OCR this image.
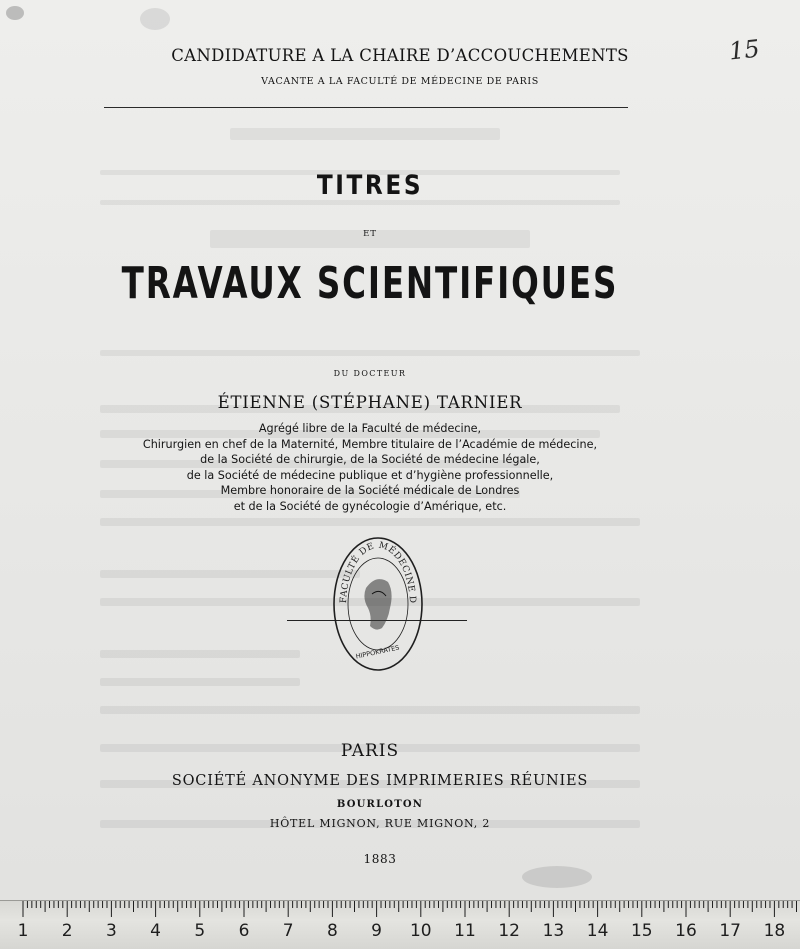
CANDIDATURE A LA CHAIRE D’ACCOUCHEMENTS
VACANTE A LA FACULTÉ DE MÉDECINE DE PARIS
15
TITRES
ET
TRAVAUX SCIENTIFIQUES
DU DOCTEUR
ÉTIENNE (STÉPHANE) TARNIER
Agrégé libre de la Faculté de médecine,
Chirurgien en chef de la Maternité, Membre titulaire de l’Académie de médecine,
de la Société de chirurgie, de la Société de médecine légale,
de la Société de médecine publique et d’hygiène professionnelle,
Membre honoraire de la Société médicale de Londres
et de la Société de gynécologie d’Amérique, etc.
FACULTÉ DE MÉDECINE D
HIPPOKRATES
PARIS
SOCIÉTÉ ANONYME DES IMPRIMERIES RÉUNIES
BOURLOTON
HÔTEL MIGNON, RUE MIGNON, 2
1883
1 2 3 4 5 6 7 8 9 10 11 12 13 14 15 16 17 18
